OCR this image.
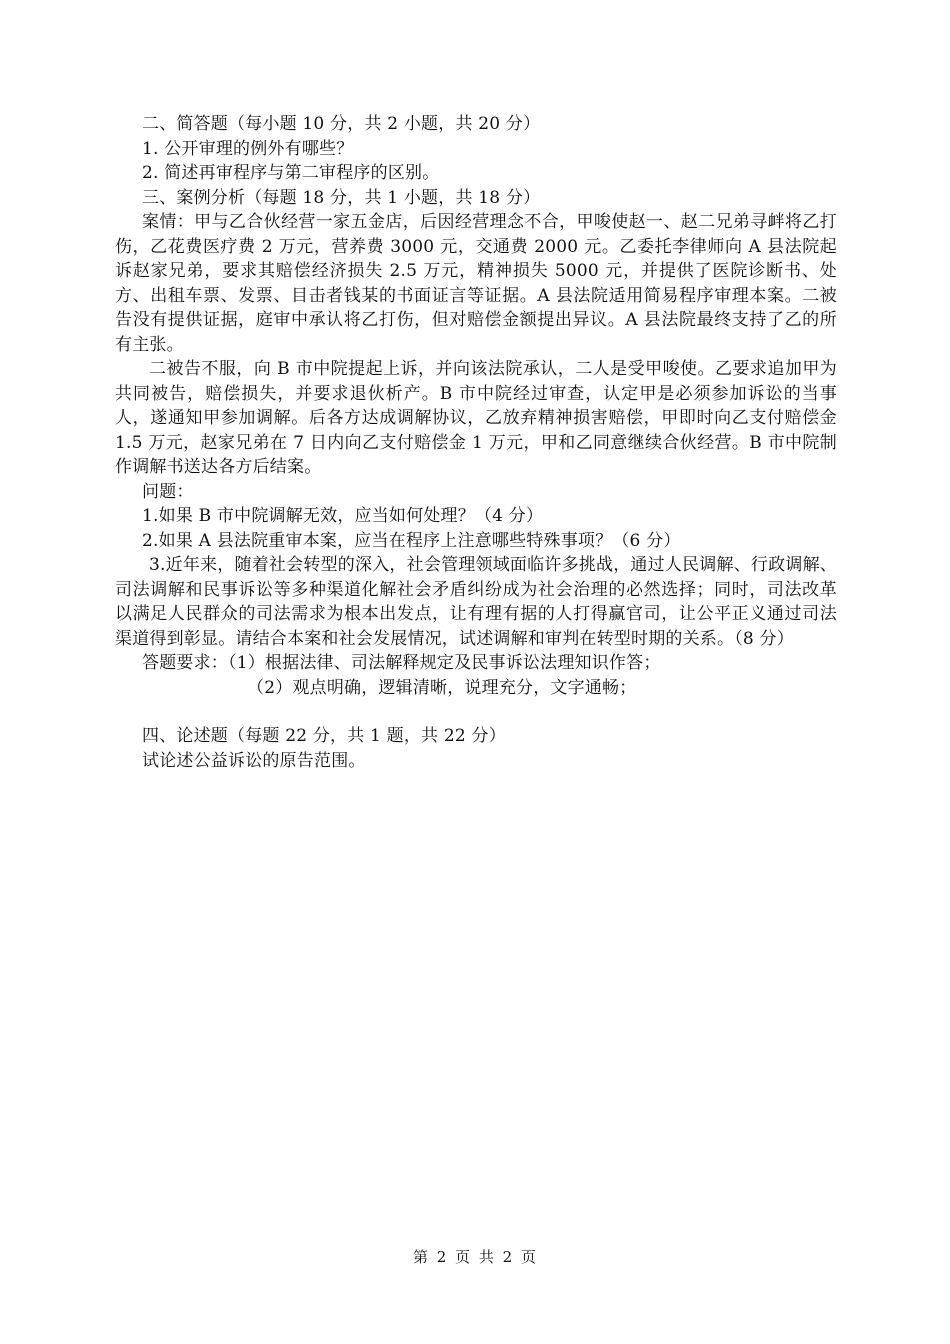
二、简答题（每小题 10 分，共 2 小题，共 20 分）

1. 公开审理的例外有哪些？

2. 简述再审程序与第二审程序的区别。

三、案例分析（每题 18 分，共 1 小题，共 18 分）

案情：甲与乙合伙经营一家五金店，后因经营理念不合，甲唆使赵一、赵二兄弟寻衅将乙打伤，乙花费医疗费 2 万元，营养费 3000 元，交通费 2000 元。乙委托李律师向 A 县法院起诉赵家兄弟，要求其赔偿经济损失 2.5 万元，精神损失 5000 元，并提供了医院诊断书、处方、出租车票、发票、目击者钱某的书面证言等证据。A 县法院适用简易程序审理本案。二被告没有提供证据，庭审中承认将乙打伤，但对赔偿金额提出异议。A 县法院最终支持了乙的所有主张。

二被告不服，向 B 市中院提起上诉，并向该法院承认，二人是受甲唆使。乙要求追加甲为共同被告，赔偿损失，并要求退伙析产。B 市中院经过审查，认定甲是必须参加诉讼的当事人，遂通知甲参加调解。后各方达成调解协议，乙放弃精神损害赔偿，甲即时向乙支付赔偿金 1.5 万元，赵家兄弟在 7 日内向乙支付赔偿金 1 万元，甲和乙同意继续合伙经营。B 市中院制作调解书送达各方后结案。

问题：

1.如果 B 市中院调解无效，应当如何处理？（4 分）

2.如果 A 县法院重审本案，应当在程序上注意哪些特殊事项？（6 分）

3.近年来，随着社会转型的深入，社会管理领域面临许多挑战，通过人民调解、行政调解、司法调解和民事诉讼等多种渠道化解社会矛盾纠纷成为社会治理的必然选择；同时，司法改革以满足人民群众的司法需求为根本出发点，让有理有据的人打得赢官司，让公平正义通过司法渠道得到彰显。请结合本案和社会发展情况，试述调解和审判在转型时期的关系。（8 分）

答题要求：（1）根据法律、司法解释规定及民事诉讼法理知识作答；

（2）观点明确，逻辑清晰，说理充分，文字通畅；

四、论述题（每题 22 分，共 1 题，共 22 分）

试论述公益诉讼的原告范围。

第 2 页 共 2 页
